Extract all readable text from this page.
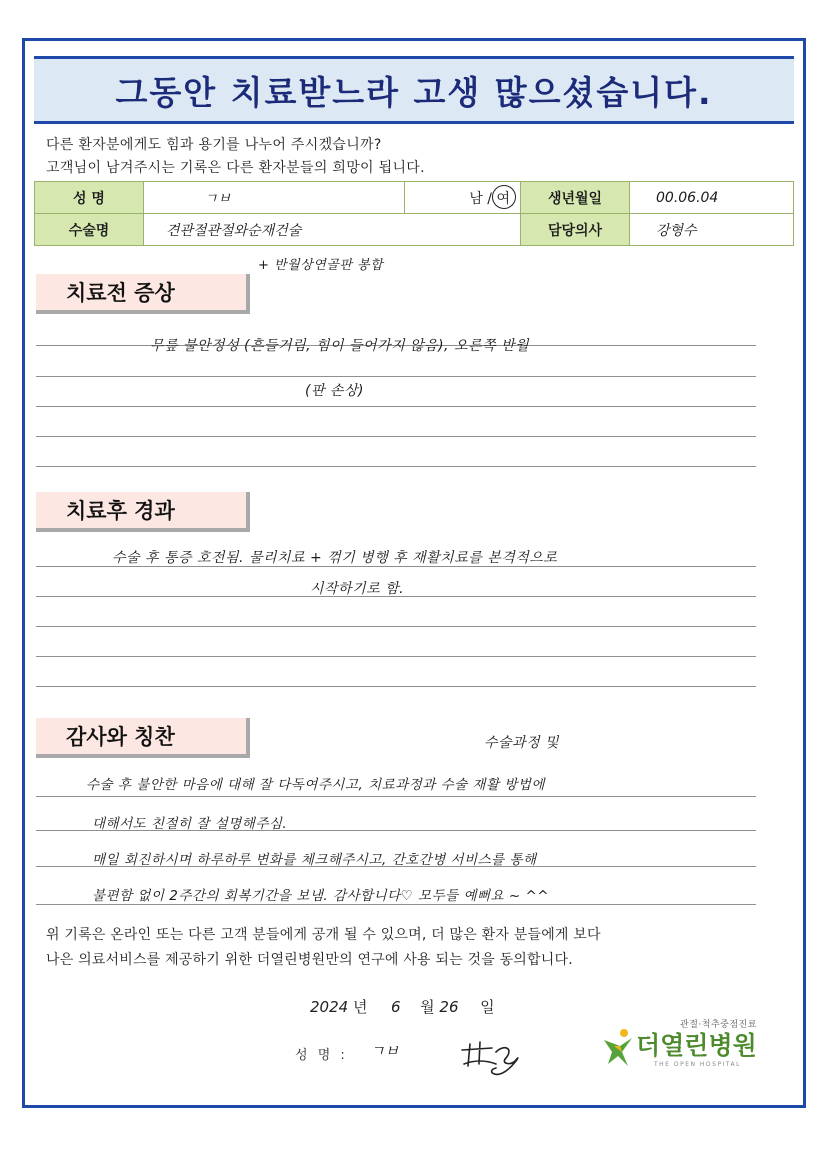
그동안 치료받느라 고생 많으셨습니다.
다른 환자분에게도 힘과 용기를 나누어 주시겠습니까?
고객님이 남겨주시는 기록은 다른 환자분들의 희망이 됩니다.
성 명	ㄱㅂ	남 / 여	생년월일	00.06.04
수술명	견관절관절와순재건술		담당의사	강형수
+ 반월상연골판 봉합
치료전 증상
무릎 불안정성 (흔들거림, 힘이 들어가지 않음), 오른쪽 반월
(판 손상)
치료후 경과
수술 후 통증 호전됨. 물리치료 + 꺾기 병행 후 재활치료를 본격적으로
시작하기로 함.
감사와 칭찬	수술과정 및
수술 후 불안한 마음에 대해 잘 다독여주시고, 치료과정과 수술 재활 방법에
대해서도 친절히 잘 설명해주심.
매일 회진하시며 하루하루 변화를 체크해주시고, 간호간병 서비스를 통해
불편함 없이 2주간의 회복기간을 보냄. 감사합니다♡ 모두들 예뻐요 ~ ^^
위 기록은 온라인 또는 다른 고객 분들에게 공개 될 수 있으며, 더 많은 환자 분들에게 보다
나은 의료서비스를 제공하기 위한 더열린병원만의 연구에 사용 되는 것을 동의합니다.
2024 년 6 월 26 일
성 명 : ㄱㅂ
관절·척추중점진료
더열린병원
THE OPEN HOSPITAL
